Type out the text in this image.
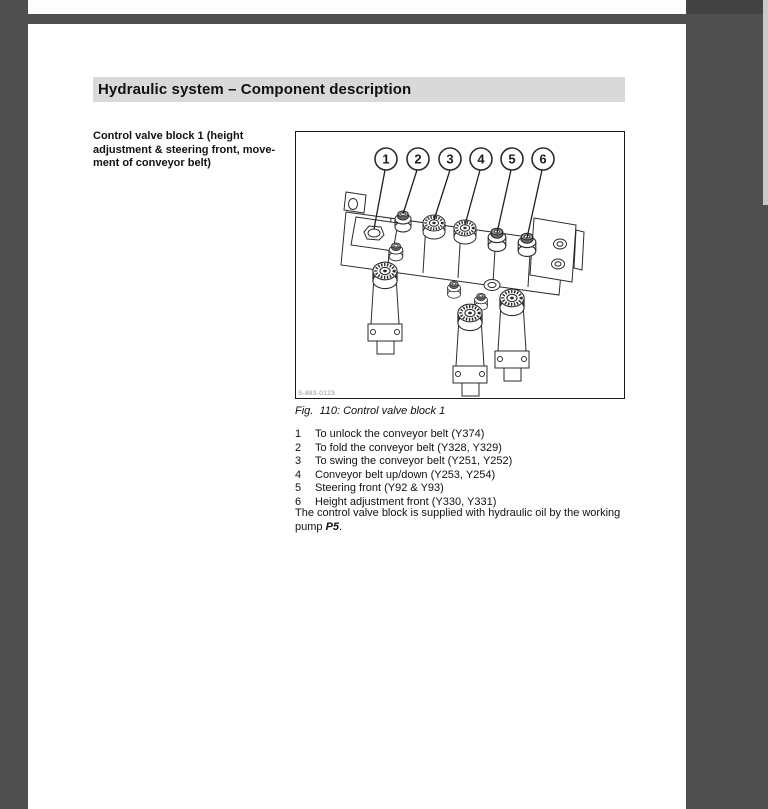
Hydraulic system – Component description
Control valve block 1 (height
adjustment & steering front, move-
ment of conveyor belt)	1 2 3 4 5 6
S-883-0123
Fig.  110: Control valve block 1
1 To unlock the conveyor belt (Y374)
2 To fold the conveyor belt (Y328, Y329)
3 To swing the conveyor belt (Y251, Y252)
4 Conveyor belt up/down (Y253, Y254)
5 Steering front (Y92 & Y93)
6 Height adjustment front (Y330, Y331)

The control valve block is supplied with hydraulic oil by the working pump P5.
